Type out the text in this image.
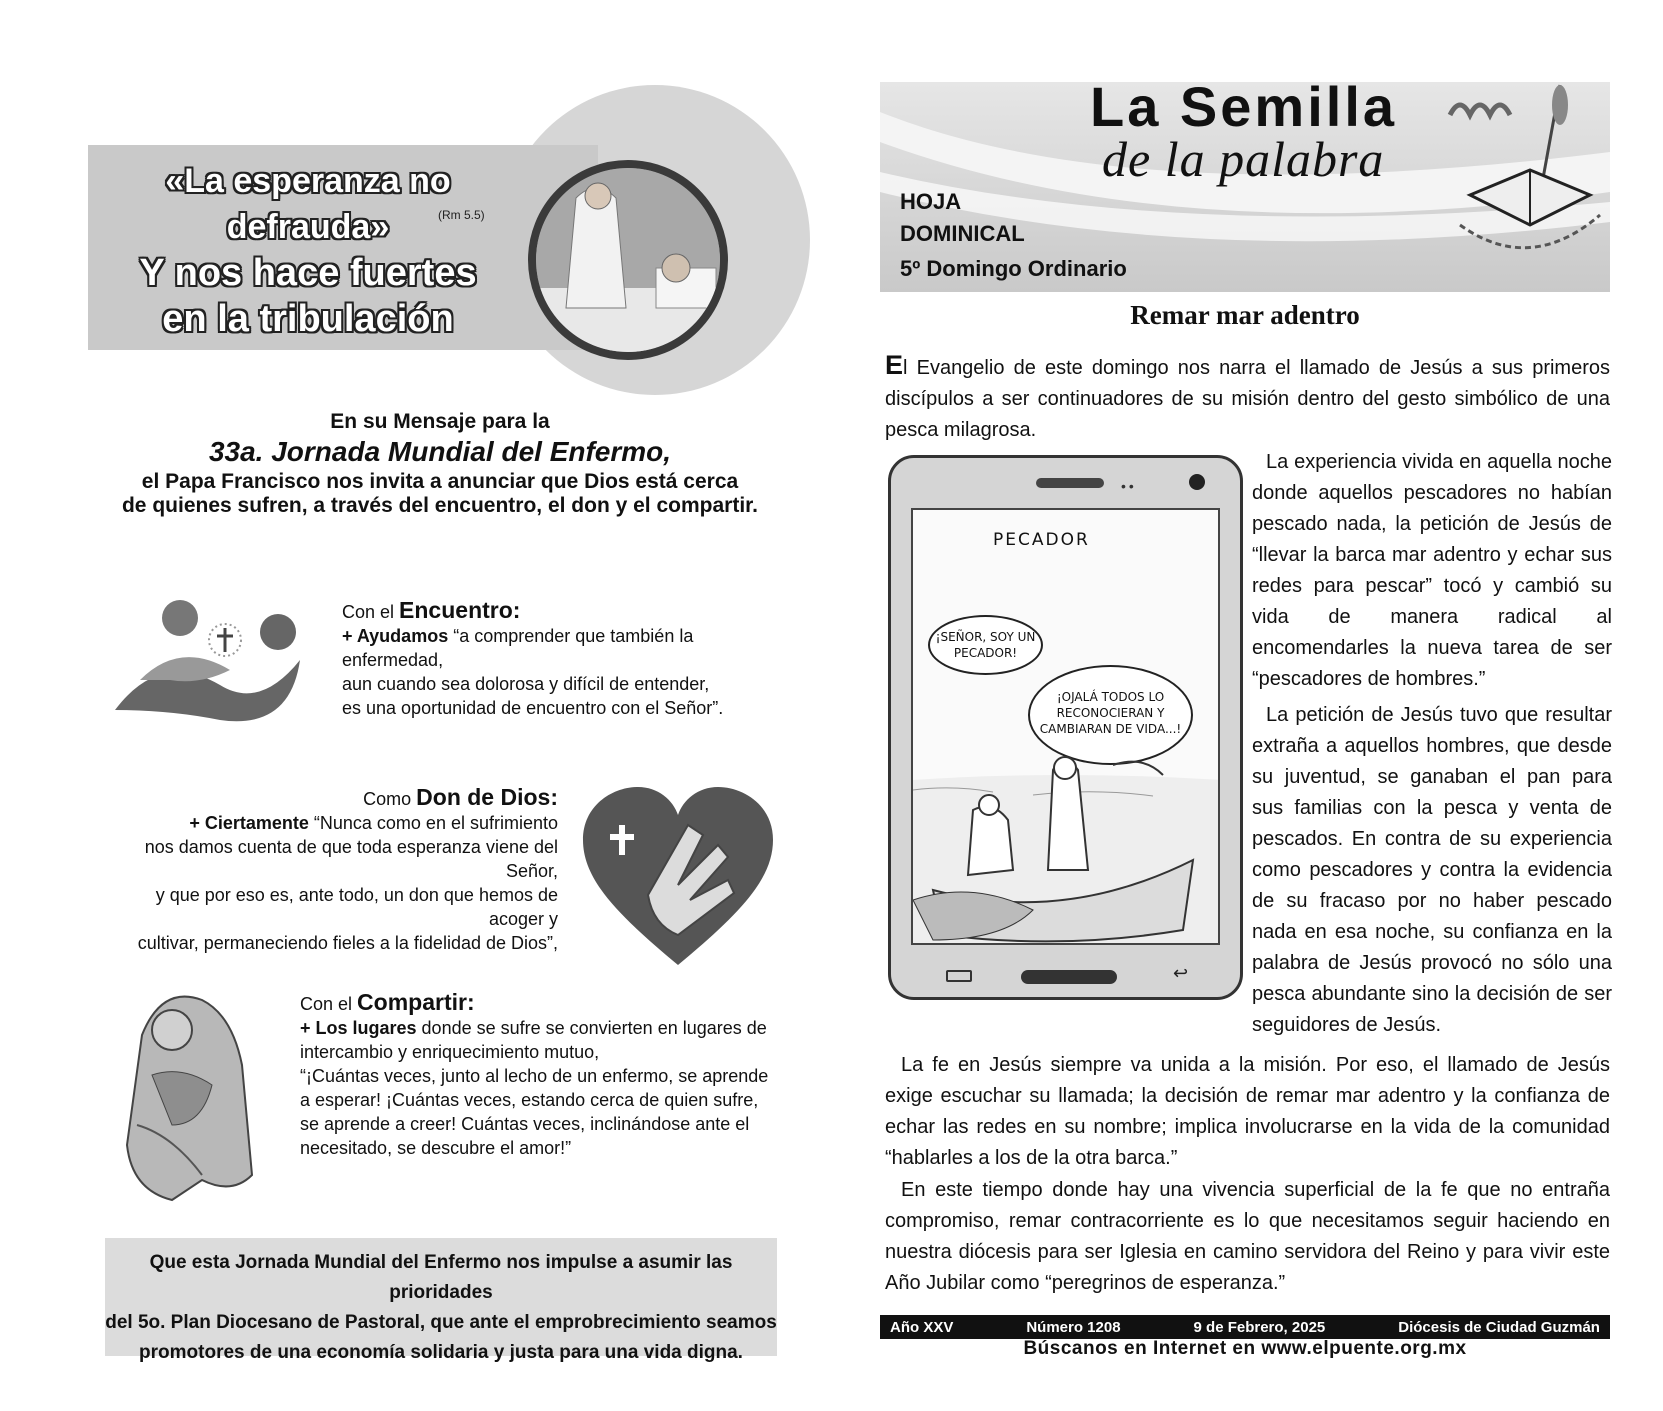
«La esperanza no defrauda»
Y nos hace fuertes
en la tribulación
(Rm 5.5)
En su Mensaje para la
33a. Jornada Mundial del Enfermo,
el Papa Francisco nos invita a anunciar que Dios está cerca
de quienes sufren, a través del encuentro, el don y el compartir.
Con el Encuentro:
+ Ayudamos “a comprender que también la enfermedad,
aun cuando sea dolorosa y difícil de entender,
es una oportunidad de encuentro con el Señor”.
Como Don de Dios:
+ Ciertamente “Nunca como en el sufrimiento
nos damos cuenta de que toda esperanza viene del Señor,
y que por eso es, ante todo, un don que hemos de acoger y
cultivar, permaneciendo fieles a la fidelidad de Dios”,
Con el Compartir:
+ Los lugares donde se sufre se convierten en lugares de
intercambio y enriquecimiento mutuo,
“¡Cuántas veces, junto al lecho de un enfermo, se aprende
a esperar! ¡Cuántas veces, estando cerca de quien sufre,
se aprende a creer! Cuántas veces, inclinándose ante el
necesitado, se descubre el amor!”
Que esta Jornada Mundial del Enfermo nos impulse a asumir las prioridades
del 5o. Plan Diocesano de Pastoral, que ante el emprobrecimiento seamos
promotores de una economía solidaria y justa para una vida digna.
La Semilla
de la palabra
HOJA
DOMINICAL
5º Domingo Ordinario
Remar mar adentro
El Evangelio de este domingo nos narra el llamado de Jesús a sus primeros discípulos a ser continuadores de su misión dentro del gesto simbólico de una pesca milagrosa.
••
PECADOR
¡SEÑOR, SOY UN PECADOR!
¡OJALÁ TODOS LO RECONOCIERAN Y CAMBIARAN DE VIDA...!
↩
La experiencia vivida en aquella noche donde aquellos pescadores no habían pescado nada, la petición de Jesús de “llevar la barca mar adentro y echar sus redes para pescar” tocó y cambió su vida de manera radical al encomendarles la nueva tarea de ser “pescadores de hombres.”
La petición de Jesús tuvo que resultar extraña a aquellos hombres, que desde su juventud, se ganaban el pan para sus familias con la pesca y venta de pescados. En contra de su experiencia como pescadores y contra la evidencia de su fracaso por no haber pescado nada en esa noche, su confianza en la palabra de Jesús provocó no sólo una pesca abundante sino la decisión de ser seguidores de Jesús.
La fe en Jesús siempre va unida a la misión. Por eso, el llamado de Jesús exige escuchar su llamada; la decisión de remar mar adentro y la confianza de echar las redes en su nombre; implica involucrarse en la vida de la comunidad “hablarles a los de la otra barca.”
En este tiempo donde hay una vivencia superficial de la fe que no entraña compromiso, remar contracorriente es lo que necesitamos seguir haciendo en nuestra diócesis para ser Iglesia en camino servidora del Reino y para vivir este Año Jubilar como “peregrinos de esperanza.”
Año XXV	Número 1208	9 de Febrero, 2025	Diócesis de Ciudad Guzmán
Búscanos en Internet en www.elpuente.org.mx
